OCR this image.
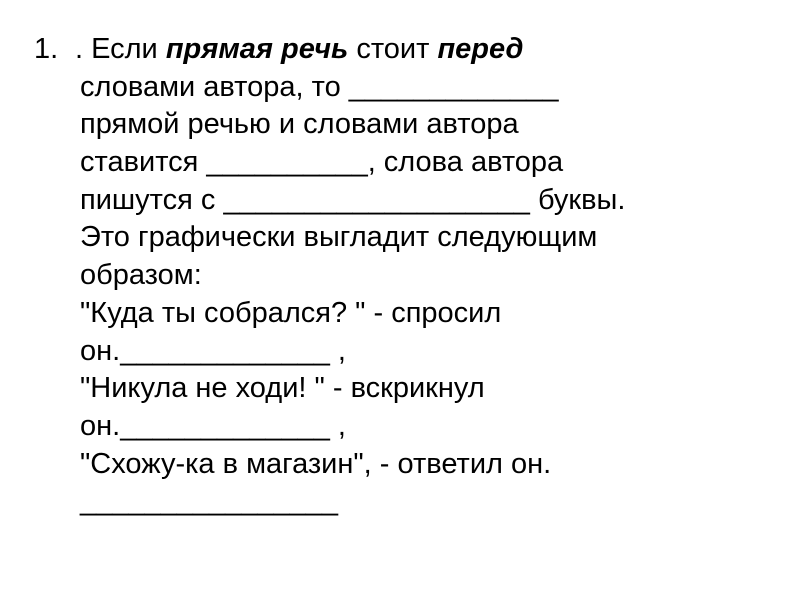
1. . Если прямая речь стоит перед
словами автора, то _____________
прямой речью и словами автора
ставится __________, слова автора
пишутся с ___________________ буквы.
Это графически выгладит следующим
образом:
"Куда ты собрался? " - спросил
он._____________ ,
"Никула не ходи! " - вскрикнул
он._____________ ,
"Схожу-ка в магазин", - ответил он.
________________
